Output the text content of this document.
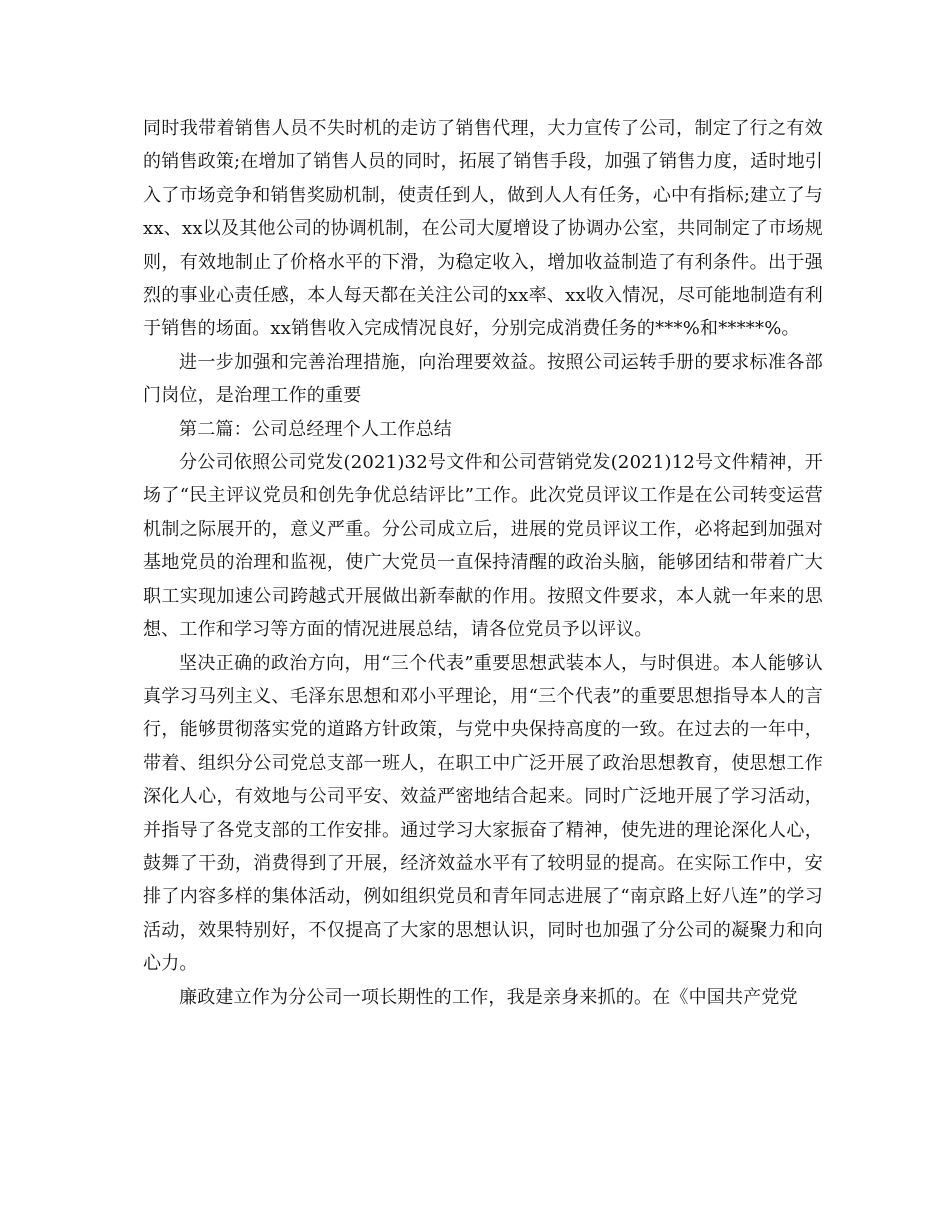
同时我带着销售人员不失时机的走访了销售代理，大力宣传了公司，制定了行之有效的销售政策;在增加了销售人员的同时，拓展了销售手段，加强了销售力度，适时地引入了市场竞争和销售奖励机制，使责任到人，做到人人有任务，心中有指标;建立了与xx、xx以及其他公司的协调机制，在公司大厦增设了协调办公室，共同制定了市场规则，有效地制止了价格水平的下滑，为稳定收入，增加收益制造了有利条件。出于强烈的事业心责任感，本人每天都在关注公司的xx率、xx收入情况，尽可能地制造有利于销售的场面。xx销售收入完成情况良好，分别完成消费任务的***%和*****%。

进一步加强和完善治理措施，向治理要效益。按照公司运转手册的要求标准各部门岗位，是治理工作的重要

第二篇：公司总经理个人工作总结

分公司依照公司党发(2021)32号文件和公司营销党发(2021)12号文件精神，开场了“民主评议党员和创先争优总结评比”工作。此次党员评议工作是在公司转变运营机制之际展开的，意义严重。分公司成立后，进展的党员评议工作，必将起到加强对基地党员的治理和监视，使广大党员一直保持清醒的政治头脑，能够团结和带着广大职工实现加速公司跨越式开展做出新奉献的作用。按照文件要求，本人就一年来的思想、工作和学习等方面的情况进展总结，请各位党员予以评议。

坚决正确的政治方向，用“三个代表”重要思想武装本人，与时俱进。本人能够认真学习马列主义、毛泽东思想和邓小平理论，用“三个代表”的重要思想指导本人的言行，能够贯彻落实党的道路方针政策，与党中央保持高度的一致。在过去的一年中，带着、组织分公司党总支部一班人，在职工中广泛开展了政治思想教育，使思想工作深化人心，有效地与公司平安、效益严密地结合起来。同时广泛地开展了学习活动，并指导了各党支部的工作安排。通过学习大家振奋了精神，使先进的理论深化人心，鼓舞了干劲，消费得到了开展，经济效益水平有了较明显的提高。在实际工作中，安排了内容多样的集体活动，例如组织党员和青年同志进展了“南京路上好八连”的学习活动，效果特别好，不仅提高了大家的思想认识，同时也加强了分公司的凝聚力和向心力。

廉政建立作为分公司一项长期性的工作，我是亲身来抓的。在《中国共产党党
